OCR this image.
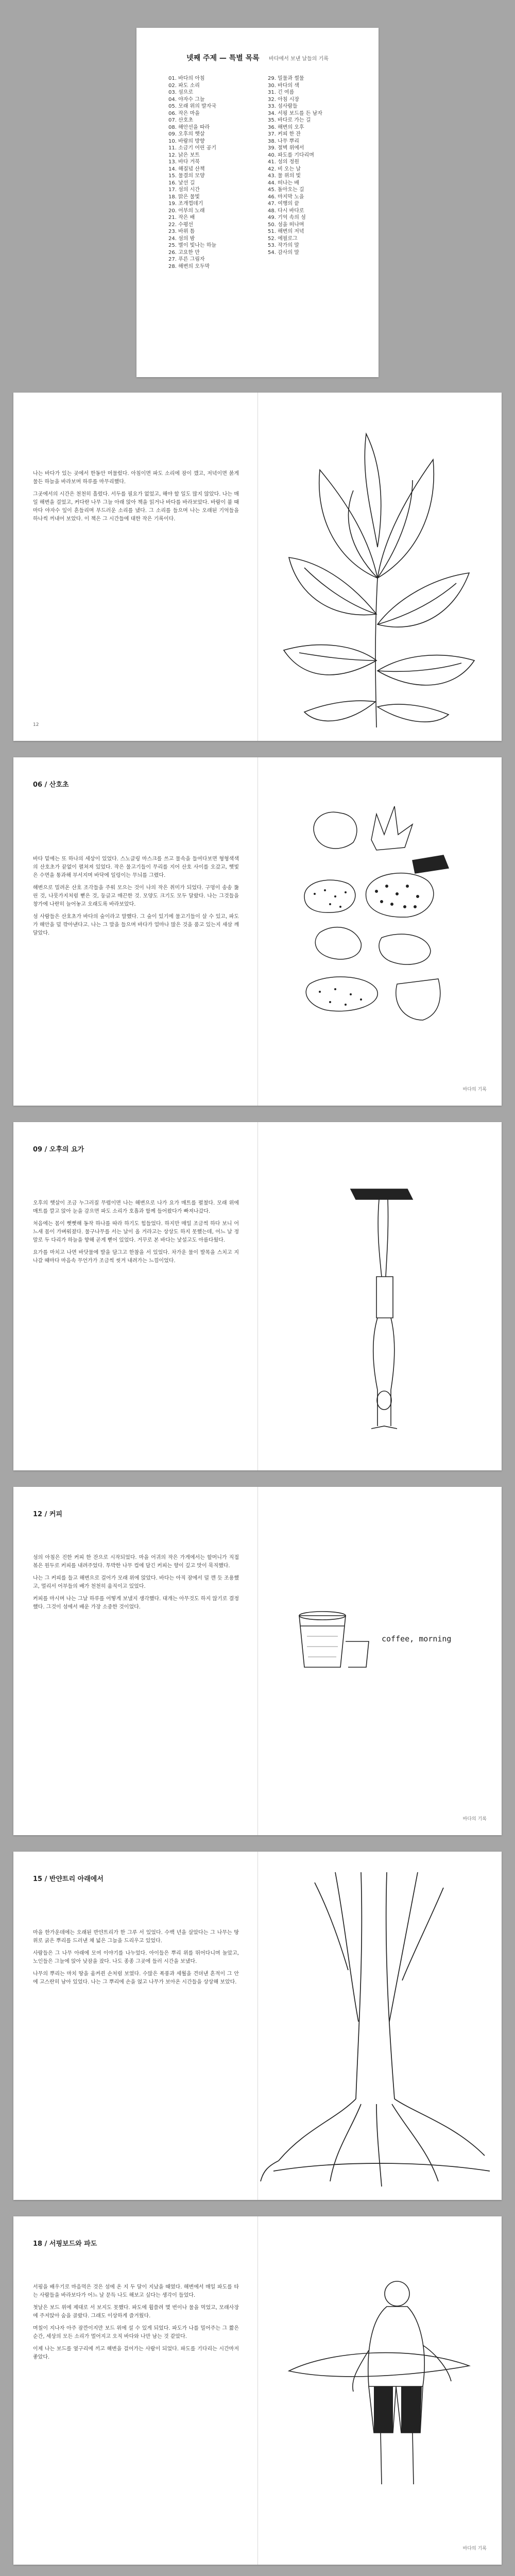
넷째 주제 — 특별 목록 바다에서 보낸 날들의 기록
01. 바다의 아침
02. 파도 소리
03. 섬으로
04. 야자수 그늘
05. 모래 위의 발자국
06. 작은 마을
07. 산호초
08. 해안선을 따라
09. 오후의 햇살
10. 바람의 방향
11. 소금기 어린 공기
12. 낡은 보트
13. 바다 거북
14. 해질녘 산책
15. 물결의 모양
16. 낯선 길
17. 섬의 시간
18. 맑은 물빛
19. 조개껍데기
20. 어부의 노래
21. 작은 배
22. 수평선
23. 바위 틈
24. 섬의 밤
25. 별이 빛나는 하늘
26. 고요한 만
27. 푸른 그림자
28. 해변의 오두막
29. 밀물과 썰물
30. 바다의 색
31. 긴 여름
32. 아침 시장
33. 섬사람들
34. 서핑 보드를 든 남자
35. 바다로 가는 길
36. 해변의 오후
37. 커피 한 잔
38. 나무 뿌리
39. 절벽 위에서
40. 파도를 기다리며
41. 섬의 정원
42. 비 오는 날
43. 물 위의 빛
44. 떠나는 배
45. 돌아오는 길
46. 마지막 노을
47. 여행의 끝
48. 다시 바다로
49. 기억 속의 섬
50. 섬을 떠나며
51. 해변의 저녁
52. 에필로그
53. 작가의 말
54. 감사의 말

나는 바다가 있는 곳에서 한동안 머물렀다. 아침이면 파도 소리에 잠이 깼고, 저녁이면 붉게 물든 하늘을 바라보며 하루를 마무리했다.

그곳에서의 시간은 천천히 흘렀다. 서두를 필요가 없었고, 해야 할 일도 많지 않았다. 나는 매일 해변을 걸었고, 커다란 나무 그늘 아래 앉아 책을 읽거나 바다를 바라보았다. 바람이 불 때마다 야자수 잎이 흔들리며 부드러운 소리를 냈다. 그 소리를 들으며 나는 오래된 기억들을 하나씩 꺼내어 보았다. 이 책은 그 시간들에 대한 작은 기록이다.

12
06 / 산호초

바다 밑에는 또 하나의 세상이 있었다. 스노클링 마스크를 쓰고 물속을 들여다보면 형형색색의 산호초가 끝없이 펼쳐져 있었다. 작은 물고기들이 무리를 지어 산호 사이를 오갔고, 햇빛은 수면을 통과해 부서지며 바닥에 일렁이는 무늬를 그렸다.

해변으로 밀려온 산호 조각들을 주워 모으는 것이 나의 작은 취미가 되었다. 구멍이 송송 뚫린 것, 나뭇가지처럼 뻗은 것, 둥글고 매끈한 것. 모양도 크기도 모두 달랐다. 나는 그것들을 창가에 나란히 늘어놓고 오래도록 바라보았다.

섬 사람들은 산호초가 바다의 숲이라고 말했다. 그 숲이 있기에 물고기들이 살 수 있고, 파도가 해안을 덜 깎아낸다고. 나는 그 말을 들으며 바다가 얼마나 많은 것을 품고 있는지 새삼 깨달았다.

바다의 기록
09 / 오후의 요가

오후의 햇살이 조금 누그러질 무렵이면 나는 해변으로 나가 요가 매트를 펼쳤다. 모래 위에 매트를 깔고 앉아 눈을 감으면 파도 소리가 호흡과 함께 들어왔다가 빠져나갔다.

처음에는 몸이 뻣뻣해 동작 하나를 따라 하기도 힘들었다. 하지만 매일 조금씩 하다 보니 어느새 몸이 가벼워졌다. 물구나무를 서는 날이 올 거라고는 상상도 하지 못했는데, 어느 날 정말로 두 다리가 하늘을 향해 곧게 뻗어 있었다. 거꾸로 본 바다는 낯설고도 아름다웠다.

요가를 마치고 나면 바닷물에 발을 담그고 한참을 서 있었다. 차가운 물이 발목을 스치고 지나갈 때마다 마음속 무언가가 조금씩 씻겨 내려가는 느낌이었다.

12 / 커피

섬의 아침은 진한 커피 한 잔으로 시작되었다. 마을 어귀의 작은 가게에서는 할머니가 직접 볶은 원두로 커피를 내려주었다. 투박한 나무 컵에 담긴 커피는 향이 깊고 맛이 묵직했다.

나는 그 커피를 들고 해변으로 걸어가 모래 위에 앉았다. 바다는 아직 잠에서 덜 깬 듯 조용했고, 멀리서 어부들의 배가 천천히 움직이고 있었다.

커피를 마시며 나는 그날 하루를 어떻게 보낼지 생각했다. 대개는 아무것도 하지 않기로 결정했다. 그것이 섬에서 배운 가장 소중한 것이었다.

coffee, morning
바다의 기록
15 / 반얀트리 아래에서

마을 한가운데에는 오래된 반얀트리가 한 그루 서 있었다. 수백 년을 살았다는 그 나무는 땅 위로 굵은 뿌리를 드러낸 채 넓은 그늘을 드리우고 있었다.

사람들은 그 나무 아래에 모여 이야기를 나누었다. 아이들은 뿌리 위를 뛰어다니며 놀았고, 노인들은 그늘에 앉아 낮잠을 잤다. 나도 종종 그곳에 들러 시간을 보냈다.

나무의 뿌리는 마치 땅을 움켜쥔 손처럼 보였다. 수많은 폭풍과 세월을 견뎌낸 흔적이 그 안에 고스란히 남아 있었다. 나는 그 뿌리에 손을 얹고 나무가 보아온 시간들을 상상해 보았다.

18 / 서핑보드와 파도

서핑을 배우기로 마음먹은 것은 섬에 온 지 두 달이 지났을 때였다. 해변에서 매일 파도를 타는 사람들을 바라보다가 어느 날 문득 나도 해보고 싶다는 생각이 들었다.

첫날은 보드 위에 제대로 서 보지도 못했다. 파도에 휩쓸려 몇 번이나 물을 먹었고, 모래사장에 주저앉아 숨을 골랐다. 그래도 이상하게 즐거웠다.

며칠이 지나자 아주 잠깐이지만 보드 위에 설 수 있게 되었다. 파도가 나를 밀어주는 그 짧은 순간, 세상의 모든 소리가 멀어지고 오직 바다와 나만 남는 것 같았다.

이제 나는 보드를 옆구리에 끼고 해변을 걸어가는 사람이 되었다. 파도를 기다리는 시간마저 좋았다.

바다의 기록
